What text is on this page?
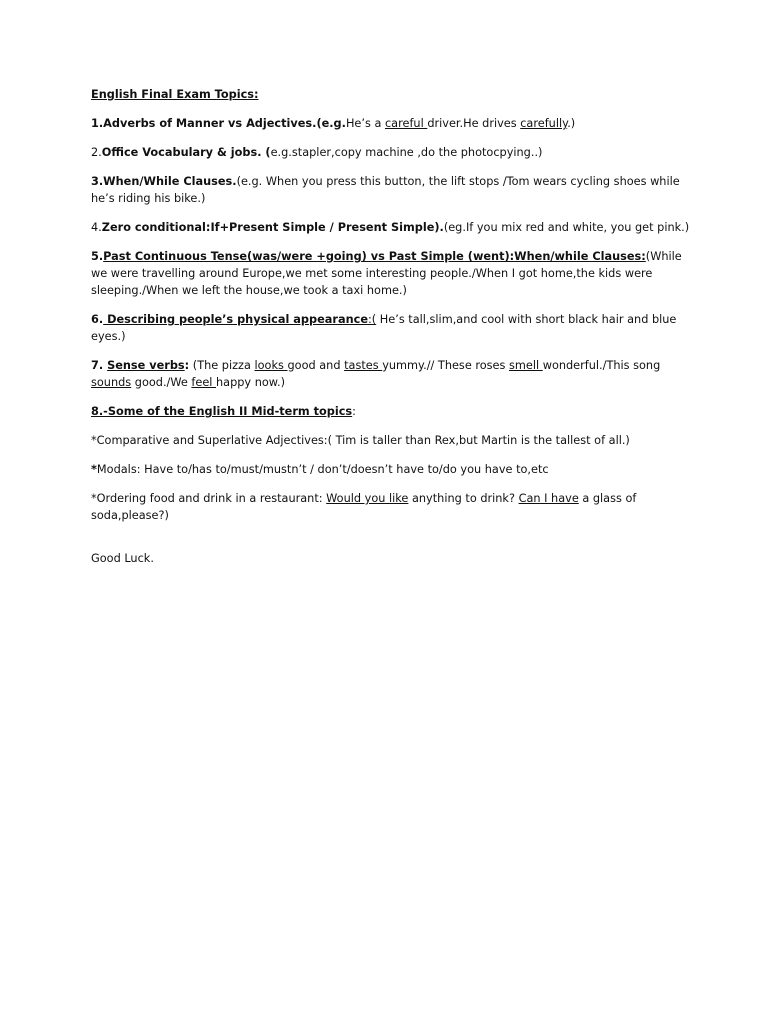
English Final Exam Topics:
1.Adverbs of Manner vs Adjectives.(e.g.He’s a careful driver.He drives carefully.)
2.Office Vocabulary & jobs. (e.g.stapler,copy machine ,do the photocpying..)
3.When/While Clauses.(e.g. When you press this button, the lift stops /Tom wears cycling shoes while he’s riding his bike.)
4.Zero conditional:If+Present Simple / Present Simple).(eg.If you mix red and white, you get pink.)
5.Past Continuous Tense(was/were +going) vs Past Simple (went):When/while Clauses:(While we were travelling around Europe,we met some interesting people./When I got home,the kids were sleeping./When we left the house,we took a taxi home.)
6. Describing people’s physical appearance:( He’s tall,slim,and cool with short black hair and blue eyes.)
7. Sense verbs: (The pizza looks good and tastes yummy.// These roses smell wonderful./This song sounds good./We feel happy now.)
8.-Some of the English II Mid-term topics:
*Comparative and Superlative Adjectives:( Tim is taller than Rex,but Martin is the tallest of all.)
*Modals: Have to/has to/must/mustn’t / don’t/doesn’t have to/do you have to,etc
*Ordering food and drink in a restaurant: Would you like anything to drink? Can I have a glass of soda,please?)
Good Luck.
